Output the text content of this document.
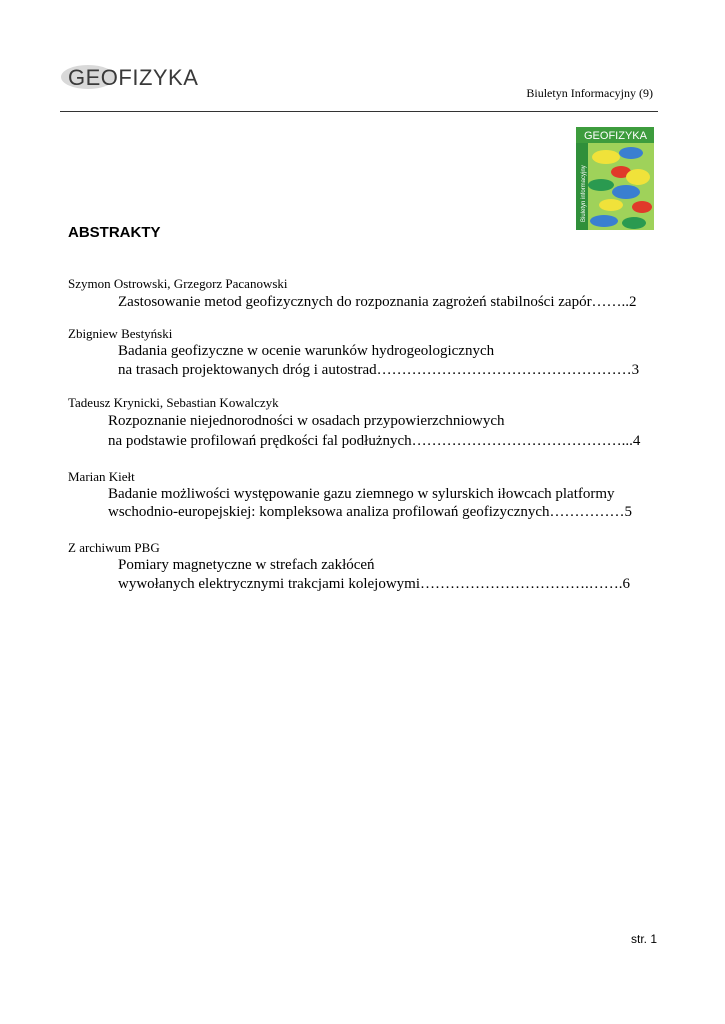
GEOFIZYKA
Biuletyn Informacyjny (9)
GEOFIZYKA
Biuletyn informacyjny
ABSTRAKTY
Szymon Ostrowski, Grzegorz Pacanowski
Zastosowanie metod geofizycznych do rozpoznania zagrożeń stabilności zapór……..2
Zbigniew Bestyński
Badania geofizyczne w ocenie warunków hydrogeologicznych
na trasach projektowanych dróg i autostrad……………………………………………3
Tadeusz Krynicki, Sebastian Kowalczyk
Rozpoznanie niejednorodności w osadach przypowierzchniowych
na podstawie profilowań prędkości fal podłużnych……………………………………...4
Marian Kiełt
Badanie możliwości występowanie gazu ziemnego w sylurskich iłowcach platformy
wschodnio-europejskiej: kompleksowa analiza profilowań geofizycznych……………5
Z archiwum PBG
Pomiary magnetyczne w strefach zakłóceń
wywołanych elektrycznymi trakcjami kolejowymi…………………………….…….6
str. 1
